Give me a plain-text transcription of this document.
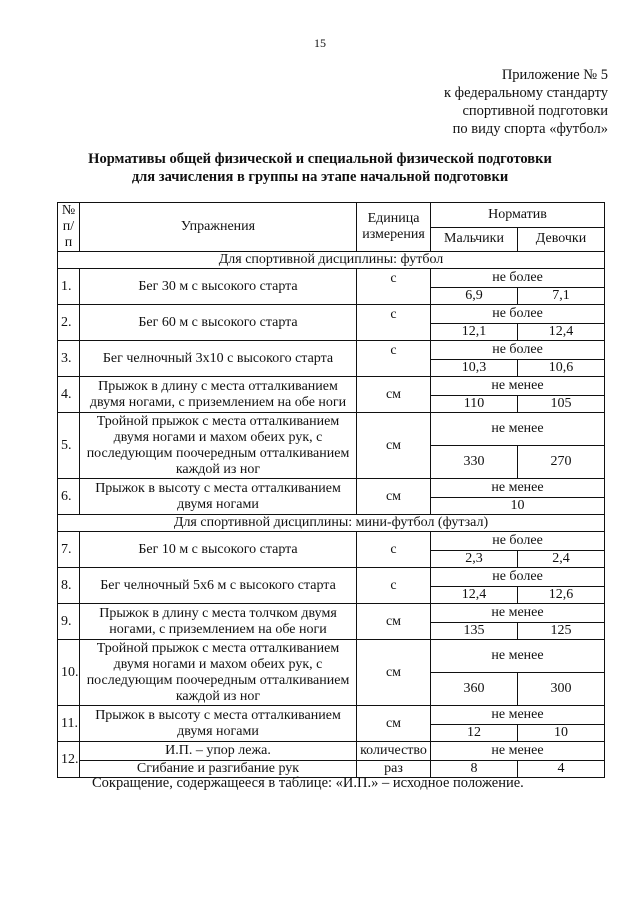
15
Приложение № 5
к федеральному стандарту
спортивной подготовки
по виду спорта «футбол»
Нормативы общей физической и специальной физической подготовки
для зачисления в группы на этапе начальной подготовки
№ п/п	Упражнения	Единица измерения	Норматив	
			Мальчики	Девочки
Для спортивной дисциплины: футбол				
1.	Бег 30 м с высокого старта	с	не более	
			6,9	7,1
2.	Бег 60 м с высокого старта	с	не более	
			12,1	12,4
3.	Бег челночный 3х10 с высокого старта	с	не более	
			10,3	10,6
4.	Прыжок в длину с места отталкиванием двумя ногами, с приземлением на обе ноги	см	не менее	
			110	105
5.	Тройной прыжок с места отталкиванием двумя ногами и махом обеих рук, с последующим поочередным отталкиванием каждой из ног	см	не менее	
			330	270
6.	Прыжок в высоту с места отталкиванием двумя ногами	см	не менее	
			10	
Для спортивной дисциплины: мини-футбол (футзал)				
7.	Бег 10 м с высокого старта	с	не более	
			2,3	2,4
8.	Бег челночный 5х6 м с высокого старта	с	не более	
			12,4	12,6
9.	Прыжок в длину с места толчком двумя ногами, с приземлением на обе ноги	см	не менее	
			135	125
10.	Тройной прыжок с места отталкиванием двумя ногами и махом обеих рук, с последующим поочередным отталкиванием каждой из ног	см	не менее	
			360	300
11.	Прыжок в высоту с места отталкиванием двумя ногами	см	не менее	
			12	10
12.	И.П. – упор лежа.	количество	не менее	
	Сгибание и разгибание рук	раз	8	4
Сокращение, содержащееся в таблице: «И.П.» – исходное положение.
